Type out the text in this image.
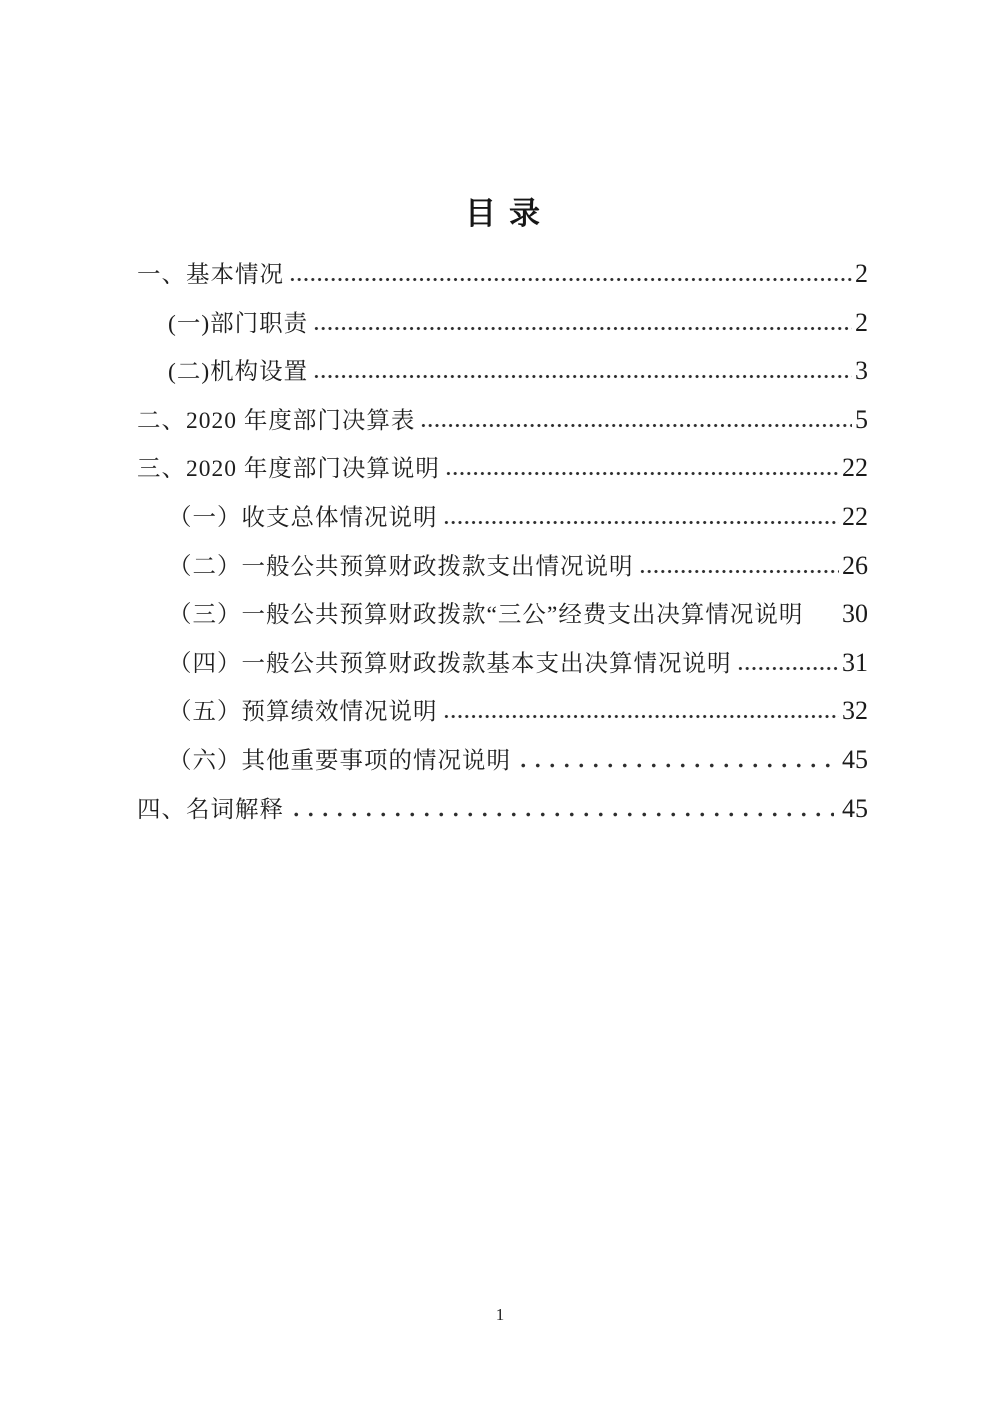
目录
一、基本情况	2
(一)部门职责	2
(二)机构设置	3
二、2020 年度部门决算表	5
三、2020 年度部门决算说明	22
（一）收支总体情况说明	22
（二）一般公共预算财政拨款支出情况说明	26
（三）一般公共预算财政拨款“三公”经费支出决算情况说明 30
（四）一般公共预算财政拨款基本支出决算情况说明	31
（五）预算绩效情况说明	32
（六）其他重要事项的情况说明	45
四、名词解释	45
1
